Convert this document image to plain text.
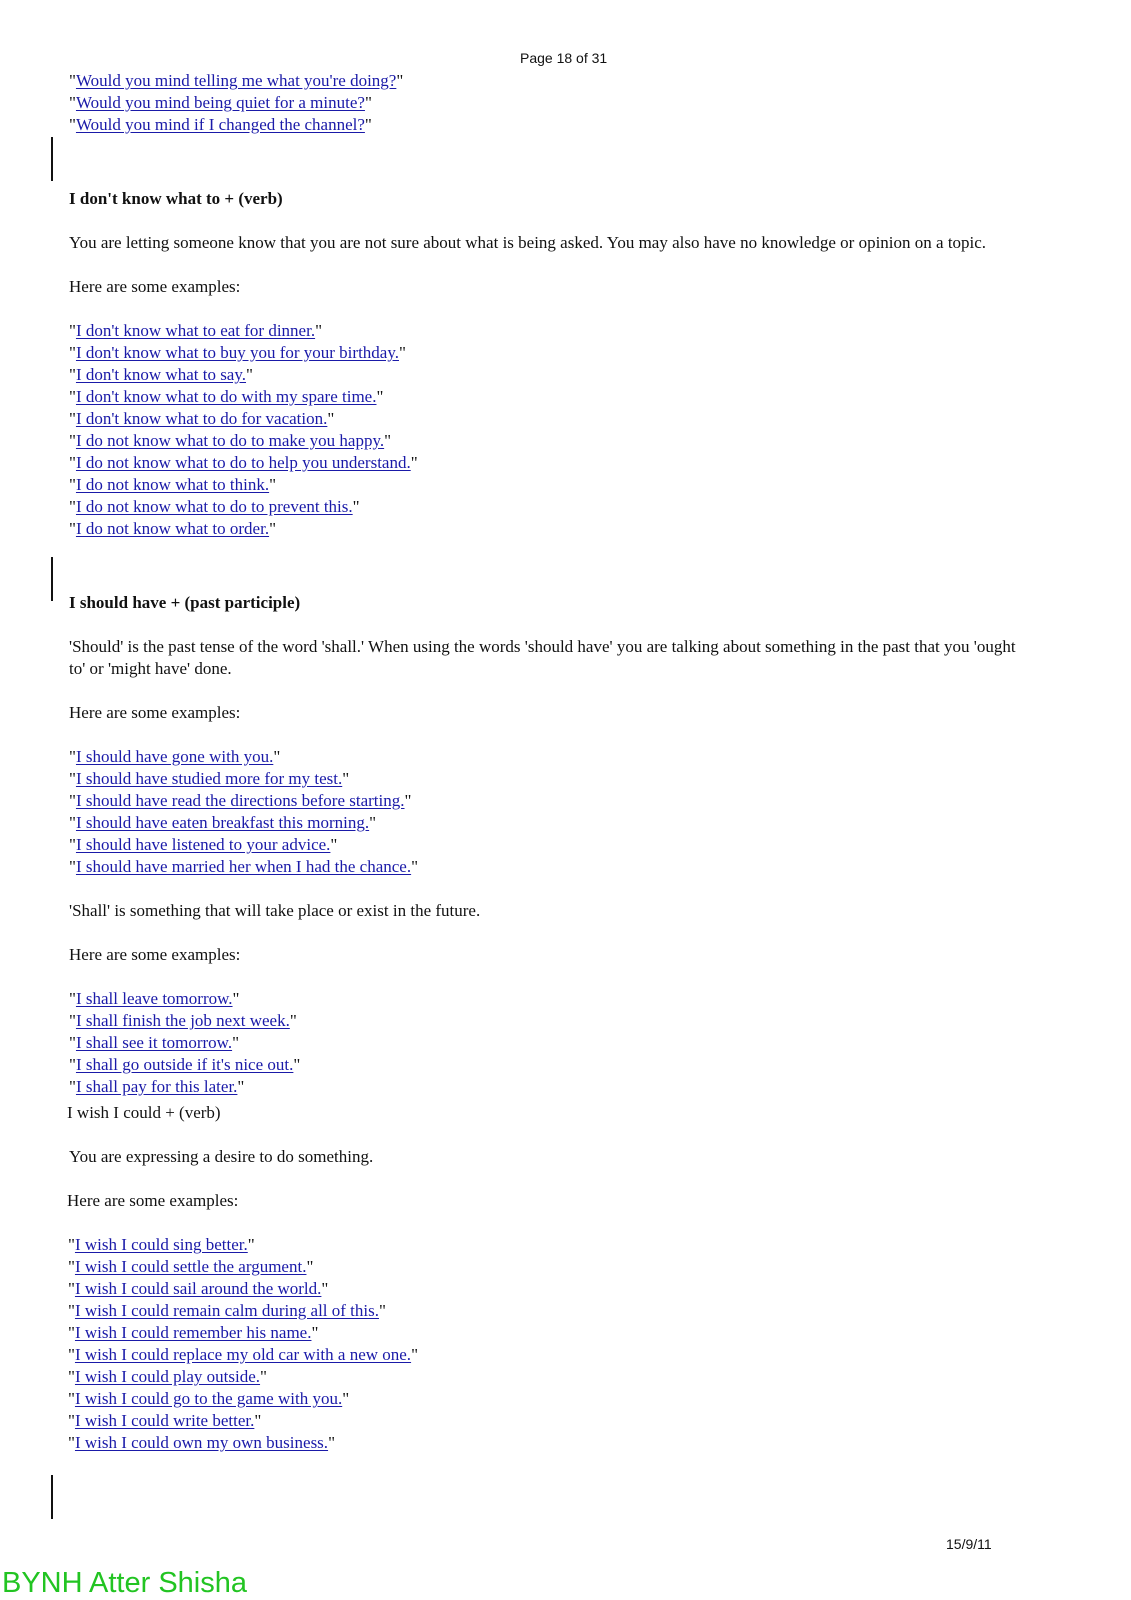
Page 18 of 31
"Would you mind telling me what you're doing?"
"Would you mind being quiet for a minute?"
"Would you mind if I changed the channel?"
I don't know what to + (verb)
You are letting someone know that you are not sure about what is being asked. You may also have no knowledge or opinion on a topic.
Here are some examples:
"I don't know what to eat for dinner."
"I don't know what to buy you for your birthday."
"I don't know what to say."
"I don't know what to do with my spare time."
"I don't know what to do for vacation."
"I do not know what to do to make you happy."
"I do not know what to do to help you understand."
"I do not know what to think."
"I do not know what to do to prevent this."
"I do not know what to order."
I should have + (past participle)
'Should' is the past tense of the word 'shall.' When using the words 'should have' you are talking about something in the past that you 'ought to' or 'might have' done.
Here are some examples:
"I should have gone with you."
"I should have studied more for my test."
"I should have read the directions before starting."
"I should have eaten breakfast this morning."
"I should have listened to your advice."
"I should have married her when I had the chance."
'Shall' is something that will take place or exist in the future.
Here are some examples:
"I shall leave tomorrow."
"I shall finish the job next week."
"I shall see it tomorrow."
"I shall go outside if it's nice out."
"I shall pay for this later."
I wish I could + (verb)
You are expressing a desire to do something.
Here are some examples:
"I wish I could sing better."
"I wish I could settle the argument."
"I wish I could sail around the world."
"I wish I could remain calm during all of this."
"I wish I could remember his name."
"I wish I could replace my old car with a new one."
"I wish I could play outside."
"I wish I could go to the game with you."
"I wish I could write better."
"I wish I could own my own business."
15/9/11
BYNH Atter Shisha
